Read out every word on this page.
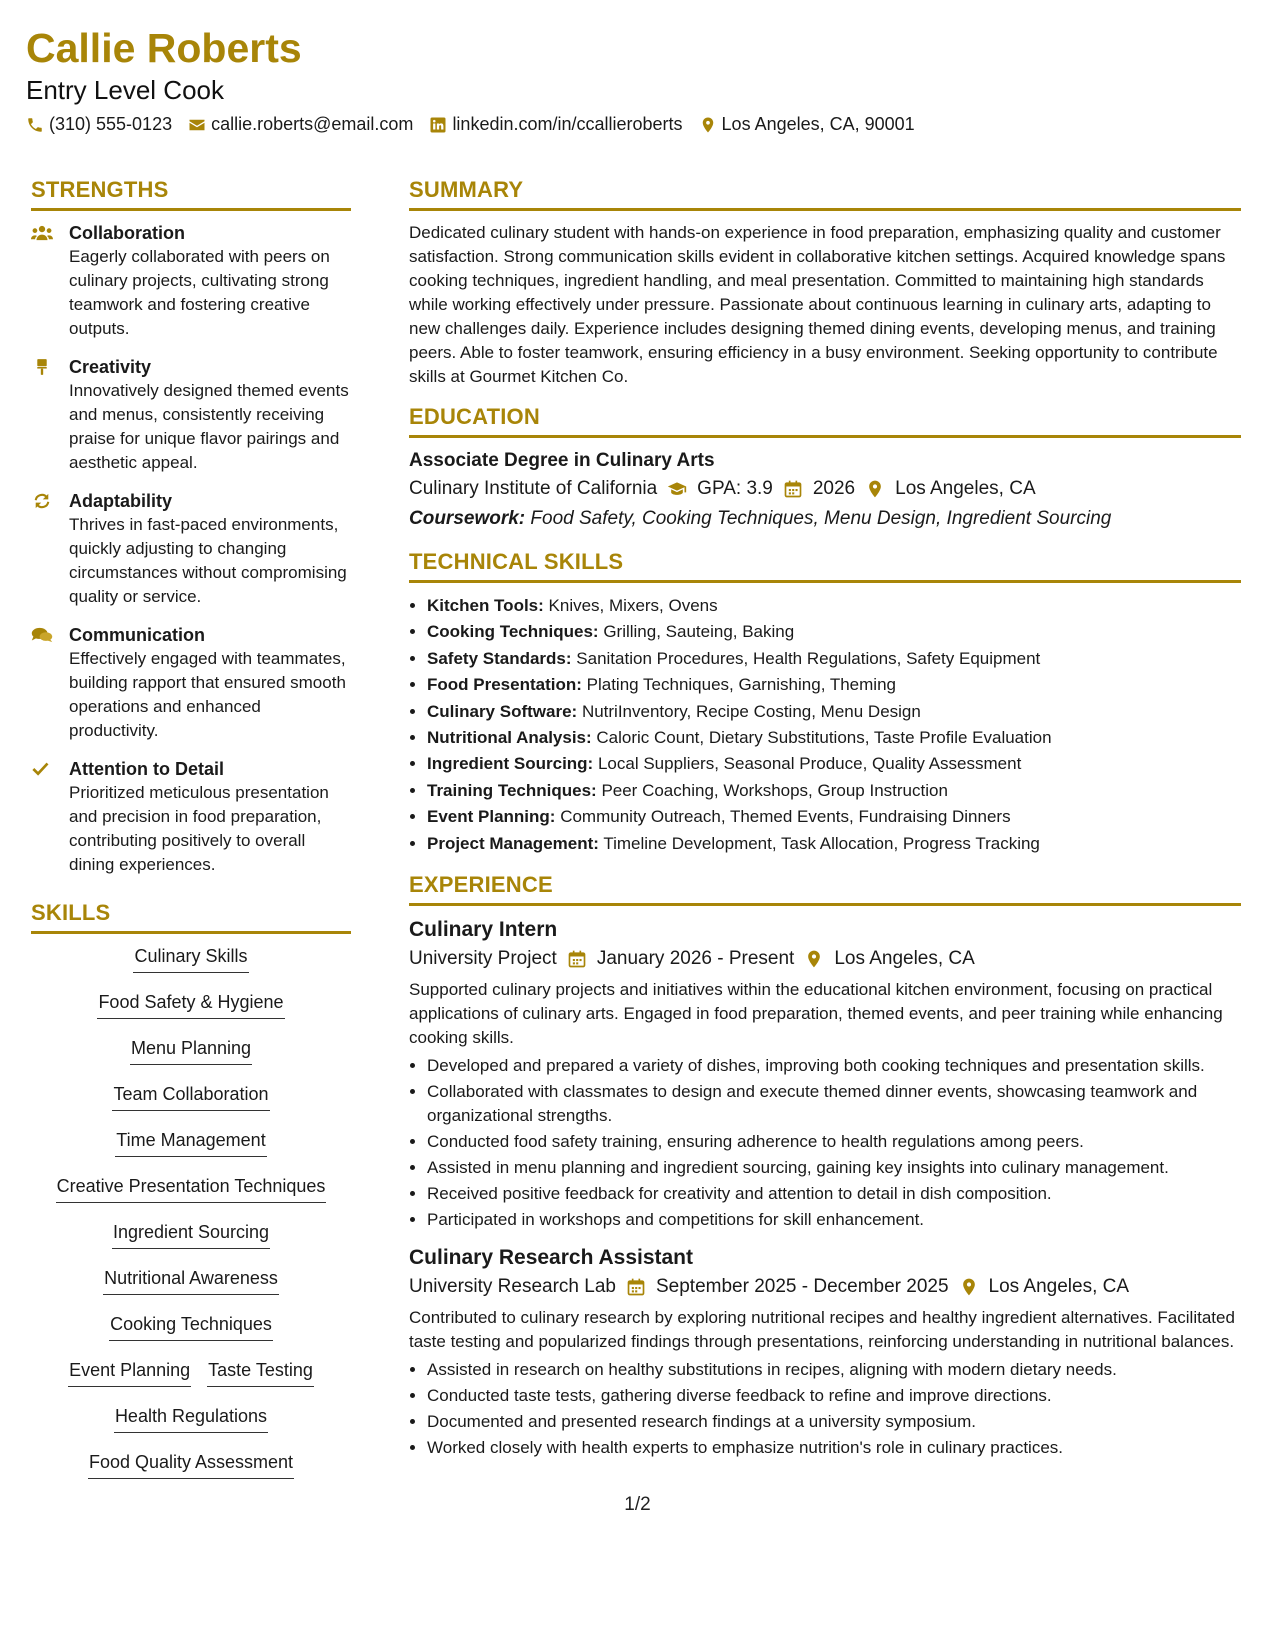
Callie Roberts

Entry Level Cook

(310) 555-0123 callie.roberts@email.com linkedin.com/in/ccallieroberts Los Angeles, CA, 90001
STRENGTHS
Collaboration
Eagerly collaborated with peers on culinary projects, cultivating strong teamwork and fostering creative outputs.
Creativity
Innovatively designed themed events and menus, consistently receiving praise for unique flavor pairings and aesthetic appeal.
Adaptability
Thrives in fast-paced environments, quickly adjusting to changing circumstances without compromising quality or service.
Communication
Effectively engaged with teammates, building rapport that ensured smooth operations and enhanced productivity.
Attention to Detail
Prioritized meticulous presentation and precision in food preparation, contributing positively to overall dining experiences.
SKILLS
Culinary Skills
Food Safety & Hygiene
Menu Planning
Team Collaboration
Time Management
Creative Presentation Techniques
Ingredient Sourcing
Nutritional Awareness
Cooking Techniques
Event Planning Taste Testing
Health Regulations
Food Quality Assessment
SUMMARY

Dedicated culinary student with hands-on experience in food preparation, emphasizing quality and customer satisfaction. Strong communication skills evident in collaborative kitchen settings. Acquired knowledge spans cooking techniques, ingredient handling, and meal presentation. Committed to maintaining high standards while working effectively under pressure. Passionate about continuous learning in culinary arts, adapting to new challenges daily. Experience includes designing themed dining events, developing menus, and training peers. Able to foster teamwork, ensuring efficiency in a busy environment. Seeking opportunity to contribute skills at Gourmet Kitchen Co.

EDUCATION

Associate Degree in Culinary Arts

Culinary Institute of California GPA: 3.9 2026 Los Angeles, CA

Coursework: Food Safety, Cooking Techniques, Menu Design, Ingredient Sourcing

TECHNICAL SKILLS
• Kitchen Tools: Knives, Mixers, Ovens
• Cooking Techniques: Grilling, Sauteing, Baking
• Safety Standards: Sanitation Procedures, Health Regulations, Safety Equipment
• Food Presentation: Plating Techniques, Garnishing, Theming
• Culinary Software: NutriInventory, Recipe Costing, Menu Design
• Nutritional Analysis: Caloric Count, Dietary Substitutions, Taste Profile Evaluation
• Ingredient Sourcing: Local Suppliers, Seasonal Produce, Quality Assessment
• Training Techniques: Peer Coaching, Workshops, Group Instruction
• Event Planning: Community Outreach, Themed Events, Fundraising Dinners
• Project Management: Timeline Development, Task Allocation, Progress Tracking
EXPERIENCE

Culinary Intern

University Project January 2026 - Present Los Angeles, CA

Supported culinary projects and initiatives within the educational kitchen environment, focusing on practical applications of culinary arts. Engaged in food preparation, themed events, and peer training while enhancing cooking skills.

• Developed and prepared a variety of dishes, improving both cooking techniques and presentation skills.
• Collaborated with classmates to design and execute themed dinner events, showcasing teamwork and organizational strengths.
• Conducted food safety training, ensuring adherence to health regulations among peers.
• Assisted in menu planning and ingredient sourcing, gaining key insights into culinary management.
• Received positive feedback for creativity and attention to detail in dish composition.
• Participated in workshops and competitions for skill enhancement.

Culinary Research Assistant

University Research Lab September 2025 - December 2025 Los Angeles, CA

Contributed to culinary research by exploring nutritional recipes and healthy ingredient alternatives. Facilitated taste testing and popularized findings through presentations, reinforcing understanding in nutritional balances.

• Assisted in research on healthy substitutions in recipes, aligning with modern dietary needs.
• Conducted taste tests, gathering diverse feedback to refine and improve directions.
• Documented and presented research findings at a university symposium.
• Worked closely with health experts to emphasize nutrition's role in culinary practices.
1/2
